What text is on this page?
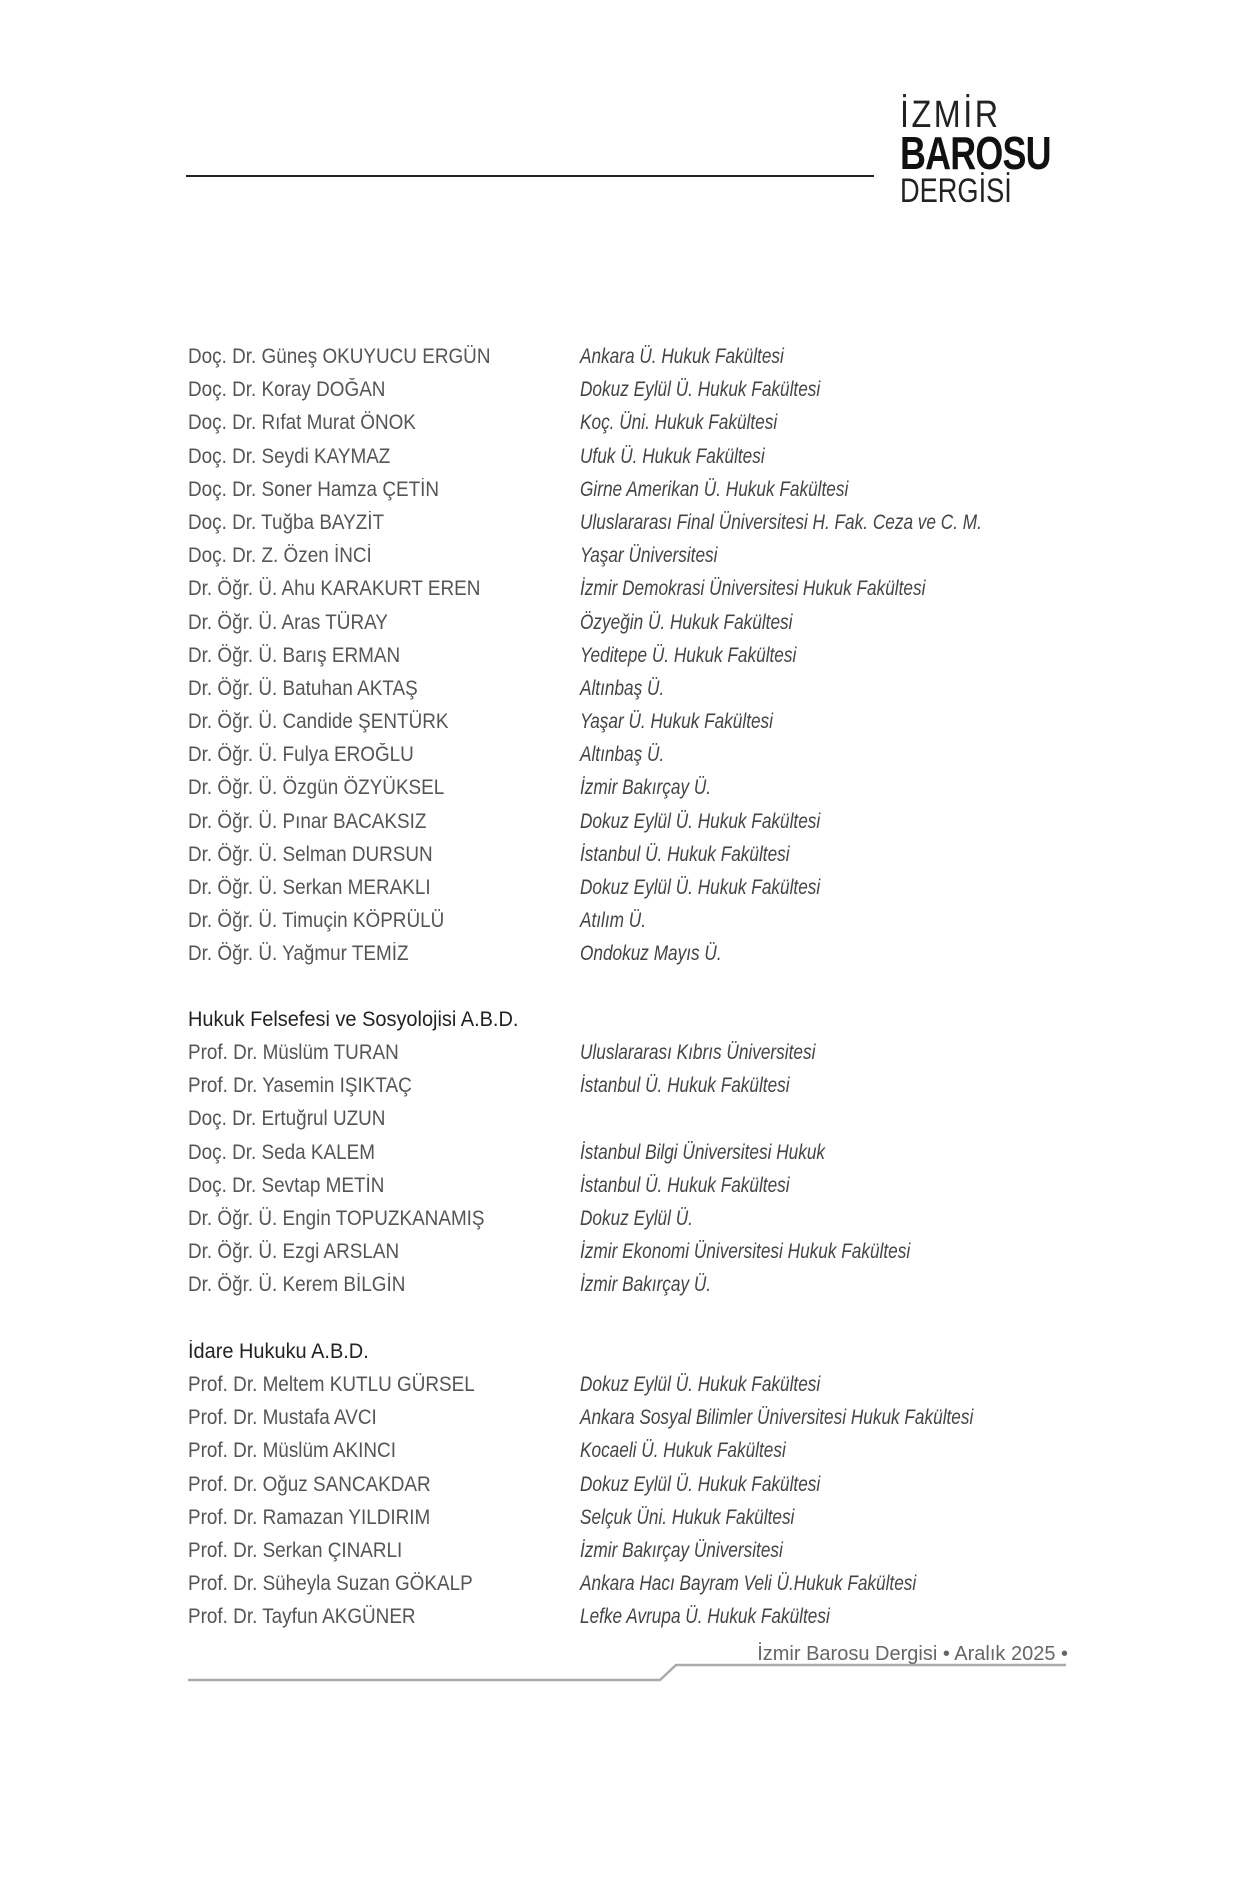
İZMİR
BAROSU
DERGİSİ
Doç. Dr. Güneş OKUYUCU ERGÜN	Ankara Ü. Hukuk Fakültesi
Doç. Dr. Koray DOĞAN	Dokuz Eylül Ü. Hukuk Fakültesi
Doç. Dr. Rıfat Murat ÖNOK	Koç. Üni. Hukuk Fakültesi
Doç. Dr. Seydi KAYMAZ	Ufuk Ü. Hukuk Fakültesi
Doç. Dr. Soner Hamza ÇETİN	Girne Amerikan Ü. Hukuk Fakültesi
Doç. Dr. Tuğba BAYZİT	Uluslararası Final Üniversitesi H. Fak. Ceza ve C. M.
Doç. Dr. Z. Özen İNCİ	Yaşar Üniversitesi
Dr. Öğr. Ü. Ahu KARAKURT EREN	İzmir Demokrasi Üniversitesi Hukuk Fakültesi
Dr. Öğr. Ü. Aras TÜRAY	Özyeğin Ü. Hukuk Fakültesi
Dr. Öğr. Ü. Barış ERMAN	Yeditepe Ü. Hukuk Fakültesi
Dr. Öğr. Ü. Batuhan AKTAŞ	Altınbaş Ü.
Dr. Öğr. Ü. Candide ŞENTÜRK	Yaşar Ü. Hukuk Fakültesi
Dr. Öğr. Ü. Fulya EROĞLU	Altınbaş Ü.
Dr. Öğr. Ü. Özgün ÖZYÜKSEL	İzmir Bakırçay Ü.
Dr. Öğr. Ü. Pınar BACAKSIZ	Dokuz Eylül Ü. Hukuk Fakültesi
Dr. Öğr. Ü. Selman DURSUN	İstanbul Ü. Hukuk Fakültesi
Dr. Öğr. Ü. Serkan MERAKLI	Dokuz Eylül Ü. Hukuk Fakültesi
Dr. Öğr. Ü. Timuçin KÖPRÜLÜ	Atılım Ü.
Dr. Öğr. Ü. Yağmur TEMİZ	Ondokuz Mayıs Ü.
Hukuk Felsefesi ve Sosyolojisi A.B.D.
Prof. Dr. Müslüm TURAN	Uluslararası Kıbrıs Üniversitesi
Prof. Dr. Yasemin IŞIKTAÇ	İstanbul Ü. Hukuk Fakültesi
Doç. Dr. Ertuğrul UZUN
Doç. Dr. Seda KALEM	İstanbul Bilgi Üniversitesi Hukuk
Doç. Dr. Sevtap METİN	İstanbul Ü. Hukuk Fakültesi
Dr. Öğr. Ü. Engin TOPUZKANAMIŞ	Dokuz Eylül Ü.
Dr. Öğr. Ü. Ezgi ARSLAN	İzmir Ekonomi Üniversitesi Hukuk Fakültesi
Dr. Öğr. Ü. Kerem BİLGİN	İzmir Bakırçay Ü.
İdare Hukuku A.B.D.
Prof. Dr. Meltem KUTLU GÜRSEL	Dokuz Eylül Ü. Hukuk Fakültesi
Prof. Dr. Mustafa AVCI	Ankara Sosyal Bilimler Üniversitesi Hukuk Fakültesi
Prof. Dr. Müslüm AKINCI	Kocaeli Ü. Hukuk Fakültesi
Prof. Dr. Oğuz SANCAKDAR	Dokuz Eylül Ü. Hukuk Fakültesi
Prof. Dr. Ramazan YILDIRIM	Selçuk Üni. Hukuk Fakültesi
Prof. Dr. Serkan ÇINARLI	İzmir Bakırçay Üniversitesi
Prof. Dr. Süheyla Suzan GÖKALP	Ankara Hacı Bayram Veli Ü.Hukuk Fakültesi
Prof. Dr. Tayfun AKGÜNER	Lefke Avrupa Ü. Hukuk Fakültesi
İzmir Barosu Dergisi • Aralık 2025 •
